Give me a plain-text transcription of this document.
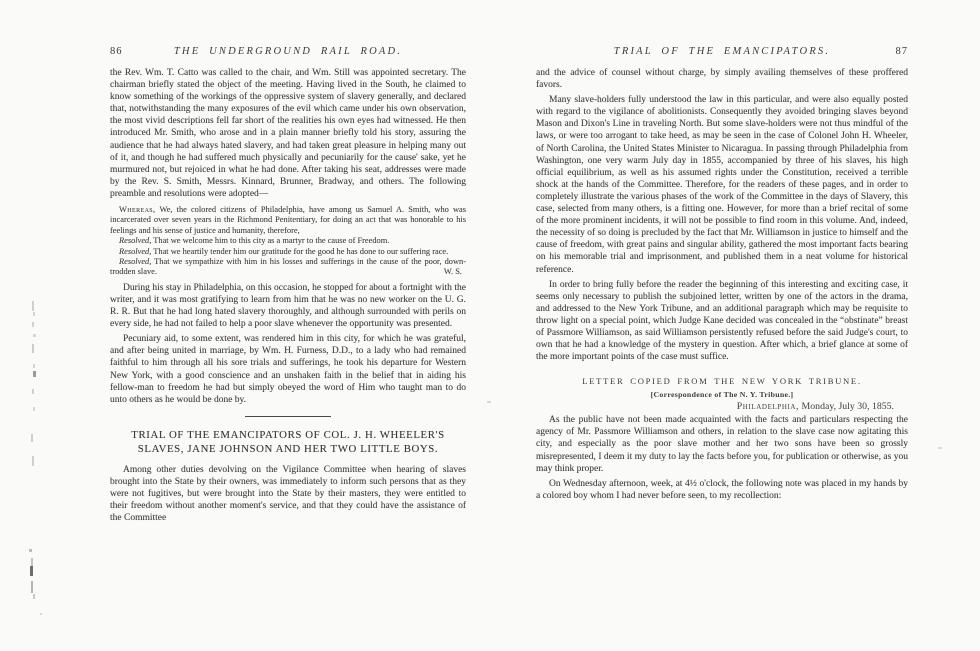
86	THE UNDERGROUND RAIL ROAD.

the Rev. Wm. T. Catto was called to the chair, and Wm. Still was appointed secretary. The chairman briefly stated the object of the meeting. Having lived in the South, he claimed to know something of the workings of the oppressive system of slavery generally, and declared that, notwithstanding the many exposures of the evil which came under his own observation, the most vivid descriptions fell far short of the realities his own eyes had witnessed. He then introduced Mr. Smith, who arose and in a plain manner briefly told his story, assuring the audience that he had always hated slavery, and had taken great pleasure in helping many out of it, and though he had suffered much physically and pecuniarily for the cause' sake, yet he murmured not, but rejoiced in what he had done. After taking his seat, addresses were made by the Rev. S. Smith, Messrs. Kinnard, Brunner, Bradway, and others. The following preamble and resolutions were adopted—

Whereas, We, the colored citizens of Philadelphia, have among us Samuel A. Smith, who was incarcerated over seven years in the Richmond Penitentiary, for doing an act that was honorable to his feelings and his sense of justice and humanity, therefore,

Resolved, That we welcome him to this city as a martyr to the cause of Freedom.

Resolved, That we heartily tender him our gratitude for the good he has done to our suffering race.

Resolved, That we sympathize with him in his losses and sufferings in the cause of the poor, down-trodden slave.	W. S.

During his stay in Philadelphia, on this occasion, he stopped for about a fortnight with the writer, and it was most gratifying to learn from him that he was no new worker on the U. G. R. R. But that he had long hated slavery thoroughly, and although surrounded with perils on every side, he had not failed to help a poor slave whenever the opportunity was presented.

Pecuniary aid, to some extent, was rendered him in this city, for which he was grateful, and after being united in marriage, by Wm. H. Furness, D.D., to a lady who had remained faithful to him through all his sore trials and sufferings, he took his departure for Western New York, with a good conscience and an unshaken faith in the belief that in aiding his fellow-man to freedom he had but simply obeyed the word of Him who taught man to do unto others as he would be done by.

TRIAL OF THE EMANCIPATORS OF COL. J. H. WHEELER'S SLAVES, JANE JOHNSON AND HER TWO LITTLE BOYS.

Among other duties devolving on the Vigilance Committee when hearing of slaves brought into the State by their owners, was immediately to inform such persons that as they were not fugitives, but were brought into the State by their masters, they were entitled to their freedom without another moment's service, and that they could have the assistance of the Committee

TRIAL OF THE EMANCIPATORS.	87

and the advice of counsel without charge, by simply availing themselves of these proffered favors.

Many slave-holders fully understood the law in this particular, and were also equally posted with regard to the vigilance of abolitionists. Consequently they avoided bringing slaves beyond Mason and Dixon's Line in traveling North. But some slave-holders were not thus mindful of the laws, or were too arrogant to take heed, as may be seen in the case of Colonel John H. Wheeler, of North Carolina, the United States Minister to Nicaragua. In passing through Philadelphia from Washington, one very warm July day in 1855, accompanied by three of his slaves, his high official equilibrium, as well as his assumed rights under the Constitution, received a terrible shock at the hands of the Committee. Therefore, for the readers of these pages, and in order to completely illustrate the various phases of the work of the Committee in the days of Slavery, this case, selected from many others, is a fitting one. However, for more than a brief recital of some of the more prominent incidents, it will not be possible to find room in this volume. And, indeed, the necessity of so doing is precluded by the fact that Mr. Williamson in justice to himself and the cause of freedom, with great pains and singular ability, gathered the most important facts bearing on his memorable trial and imprisonment, and published them in a neat volume for historical reference.

In order to bring fully before the reader the beginning of this interesting and exciting case, it seems only necessary to publish the subjoined letter, written by one of the actors in the drama, and addressed to the New York Tribune, and an additional paragraph which may be requisite to throw light on a special point, which Judge Kane decided was concealed in the “obstinate” breast of Passmore Williamson, as said Williamson persistently refused before the said Judge's court, to own that he had a knowledge of the mystery in question. After which, a brief glance at some of the more important points of the case must suffice.

LETTER COPIED FROM THE NEW YORK TRIBUNE.

[Correspondence of The N. Y. Tribune.]

Philadelphia, Monday, July 30, 1855.

As the public have not been made acquainted with the facts and particulars respecting the agency of Mr. Passmore Williamson and others, in relation to the slave case now agitating this city, and especially as the poor slave mother and her two sons have been so grossly misrepresented, I deem it my duty to lay the facts before you, for publication or otherwise, as you may think proper.

On Wednesday afternoon, week, at 4½ o'clock, the following note was placed in my hands by a colored boy whom I had never before seen, to my recollection:
